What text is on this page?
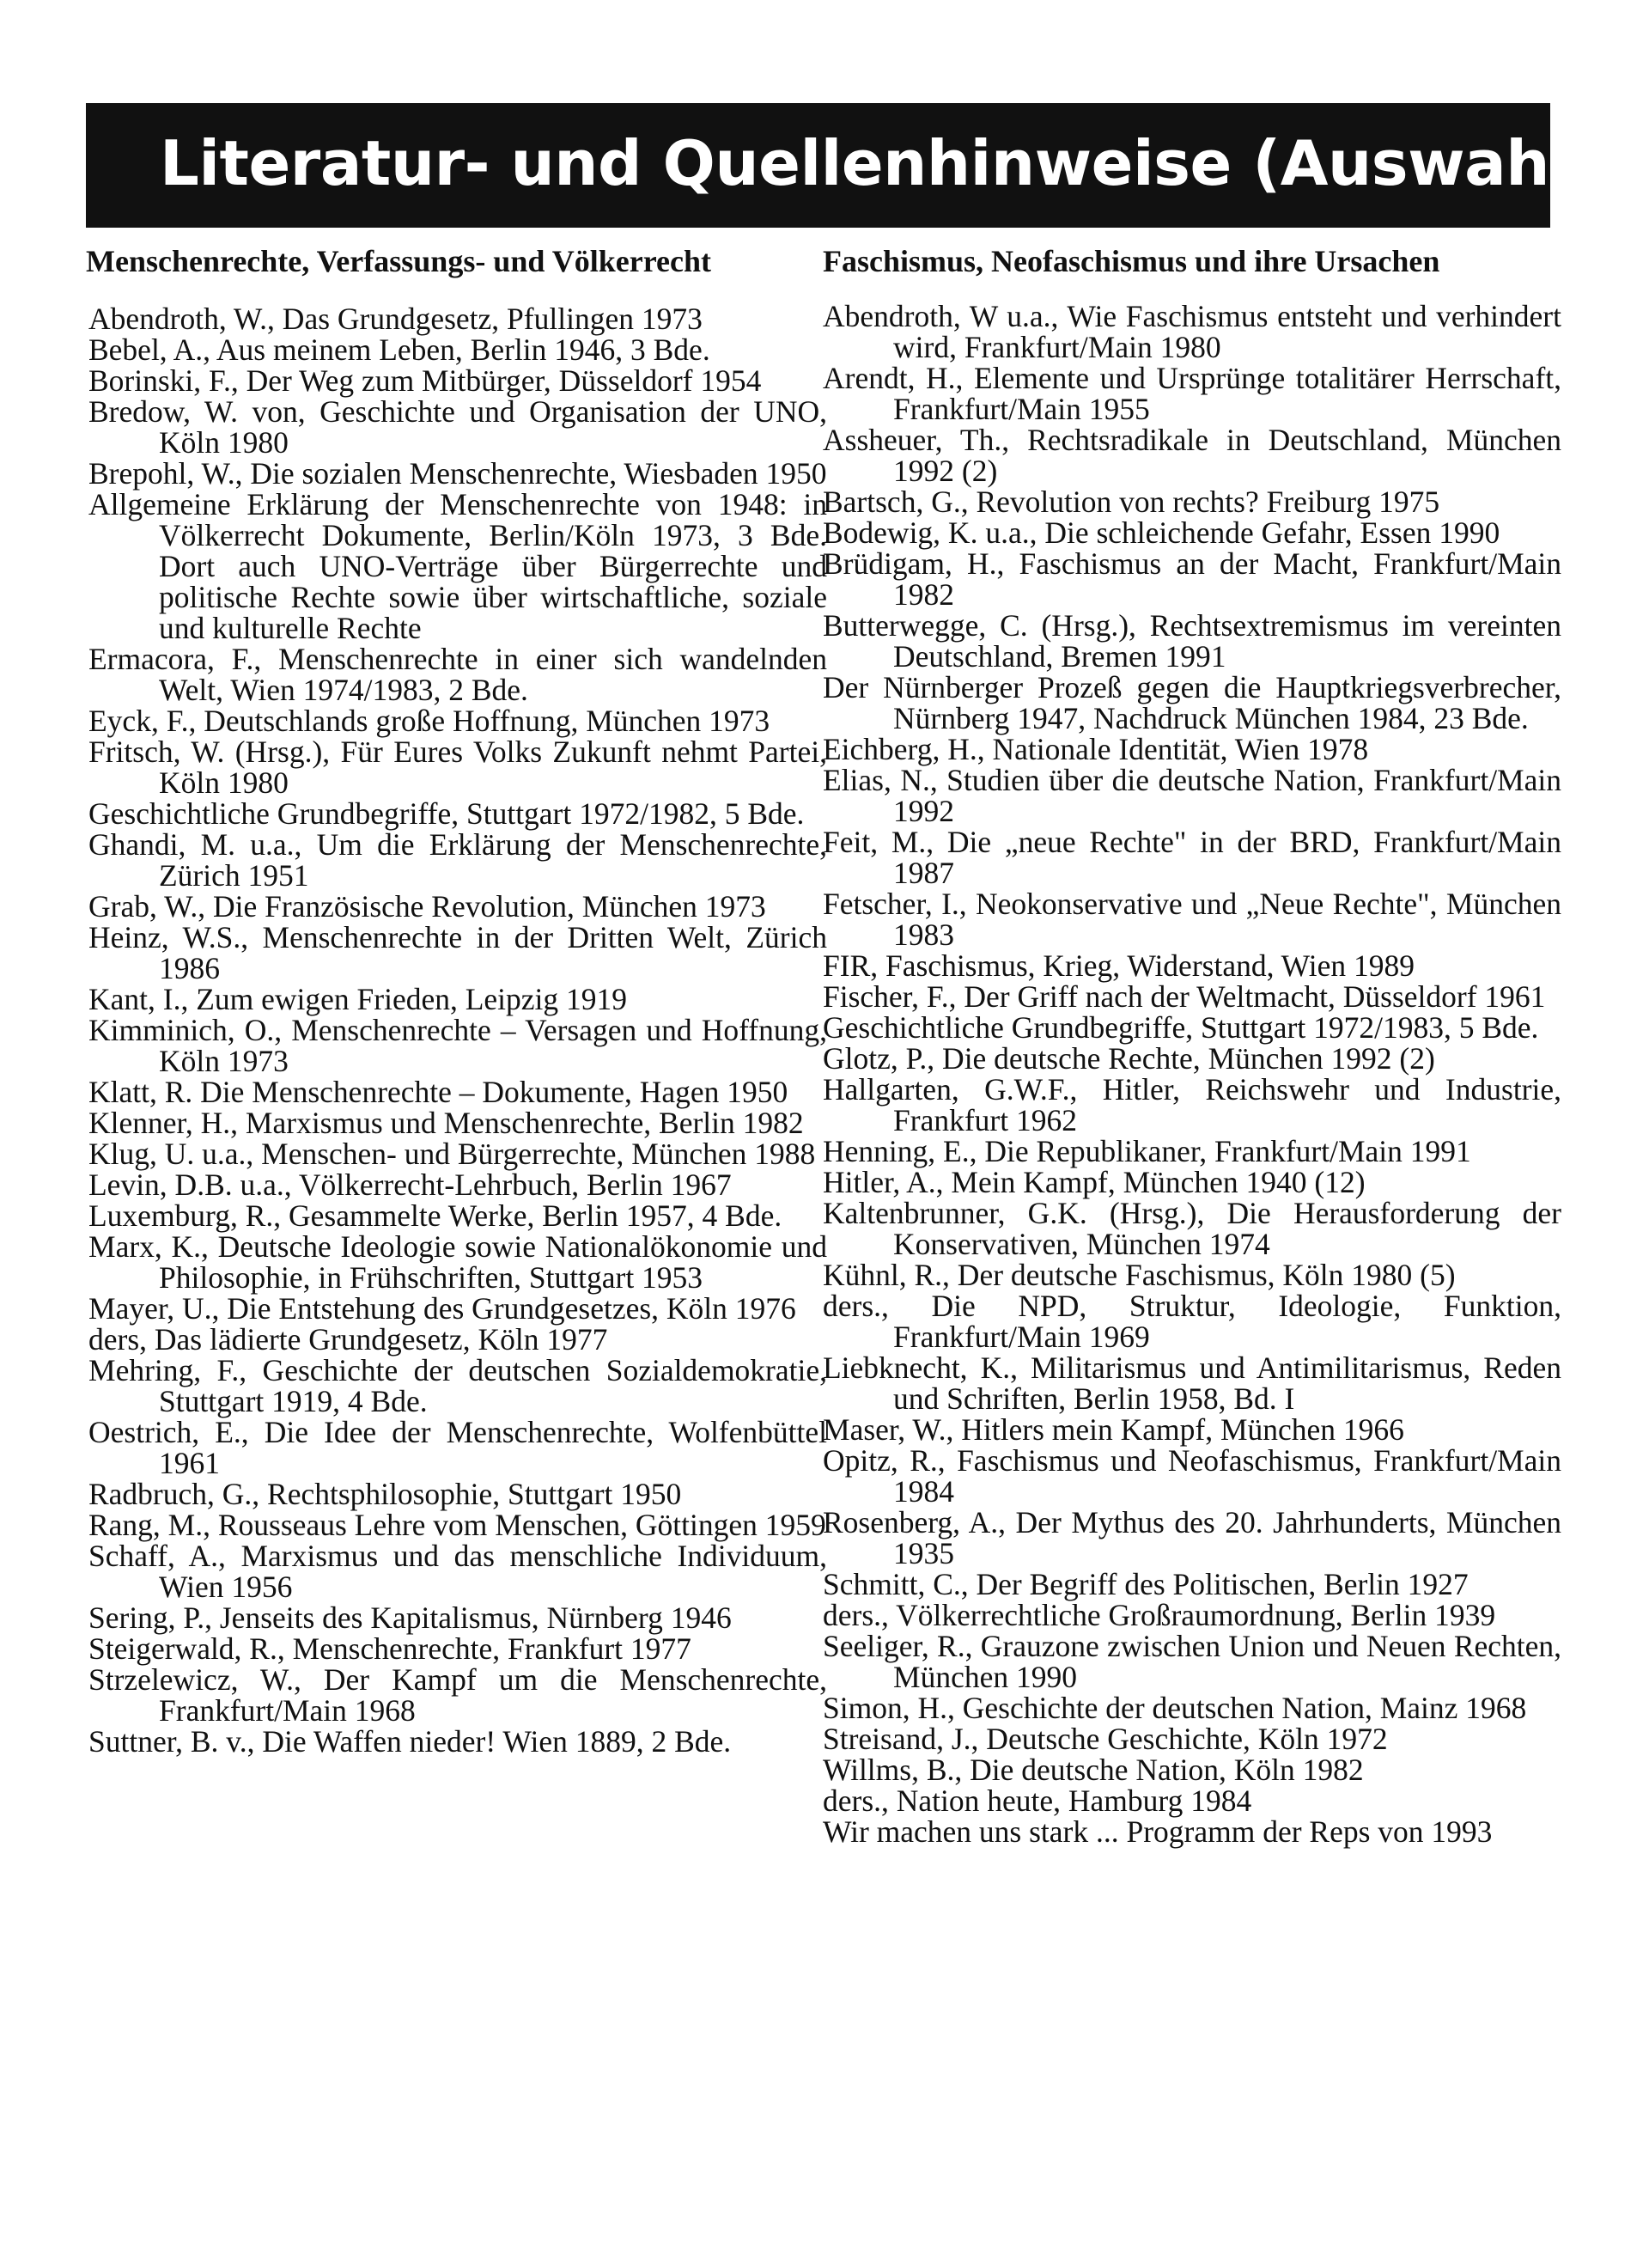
Literatur- und Quellenhinweise (Auswahl)
Menschenrechte, Verfassungs- und Völkerrecht
Abendroth, W., Das Grundgesetz, Pfullingen 1973
Bebel, A., Aus meinem Leben, Berlin 1946, 3 Bde.
Borinski, F., Der Weg zum Mitbürger, Düsseldorf 1954
Bredow, W. von, Geschichte und Organisation der UNO, Köln 1980
Brepohl, W., Die sozialen Menschenrechte, Wiesbaden 1950
Allgemeine Erklärung der Menschenrechte von 1948: in Völkerrecht Dokumente, Berlin/Köln 1973, 3 Bde. Dort auch UNO-Verträge über Bürgerrechte und politische Rechte sowie über wirtschaftliche, soziale und kulturelle Rechte
Ermacora, F., Menschenrechte in einer sich wandelnden Welt, Wien 1974/1983, 2 Bde.
Eyck, F., Deutschlands große Hoffnung, München 1973
Fritsch, W. (Hrsg.), Für Eures Volks Zukunft nehmt Partei, Köln 1980
Geschichtliche Grundbegriffe, Stuttgart 1972/1982, 5 Bde.
Ghandi, M. u.a., Um die Erklärung der Menschenrechte, Zürich 1951
Grab, W., Die Französische Revolution, München 1973
Heinz, W.S., Menschenrechte in der Dritten Welt, Zürich 1986
Kant, I., Zum ewigen Frieden, Leipzig 1919
Kimminich, O., Menschenrechte – Versagen und Hoffnung, Köln 1973
Klatt, R. Die Menschenrechte – Dokumente, Hagen 1950
Klenner, H., Marxismus und Menschenrechte, Berlin 1982
Klug, U. u.a., Menschen- und Bürgerrechte, München 1988
Levin, D.B. u.a., Völkerrecht-Lehrbuch, Berlin 1967
Luxemburg, R., Gesammelte Werke, Berlin 1957, 4 Bde.
Marx, K., Deutsche Ideologie sowie Nationalökonomie und Philosophie, in Frühschriften, Stuttgart 1953
Mayer, U., Die Entstehung des Grundgesetzes, Köln 1976
ders, Das lädierte Grundgesetz, Köln 1977
Mehring, F., Geschichte der deutschen Sozialdemokratie, Stuttgart 1919, 4 Bde.
Oestrich, E., Die Idee der Menschenrechte, Wolfenbüttel 1961
Radbruch, G., Rechtsphilosophie, Stuttgart 1950
Rang, M., Rousseaus Lehre vom Menschen, Göttingen 1959
Schaff, A., Marxismus und das menschliche Individuum, Wien 1956
Sering, P., Jenseits des Kapitalismus, Nürnberg 1946
Steigerwald, R., Menschenrechte, Frankfurt 1977
Strzelewicz, W., Der Kampf um die Menschenrechte, Frankfurt/Main 1968
Suttner, B. v., Die Waffen nieder! Wien 1889, 2 Bde.
Faschismus, Neofaschismus und ihre Ursachen
Abendroth, W u.a., Wie Faschismus entsteht und verhindert wird, Frankfurt/Main 1980
Arendt, H., Elemente und Ursprünge totalitärer Herrschaft, Frankfurt/Main 1955
Assheuer, Th., Rechtsradikale in Deutschland, München 1992 (2)
Bartsch, G., Revolution von rechts? Freiburg 1975
Bodewig, K. u.a., Die schleichende Gefahr, Essen 1990
Brüdigam, H., Faschismus an der Macht, Frankfurt/Main 1982
Butterwegge, C. (Hrsg.), Rechtsextremismus im vereinten Deutschland, Bremen 1991
Der Nürnberger Prozeß gegen die Hauptkriegsverbrecher, Nürnberg 1947, Nachdruck München 1984, 23 Bde.
Eichberg, H., Nationale Identität, Wien 1978
Elias, N., Studien über die deutsche Nation, Frankfurt/Main 1992
Feit, M., Die „neue Rechte" in der BRD, Frankfurt/Main 1987
Fetscher, I., Neokonservative und „Neue Rechte", München 1983
FIR, Faschismus, Krieg, Widerstand, Wien 1989
Fischer, F., Der Griff nach der Weltmacht, Düsseldorf 1961
Geschichtliche Grundbegriffe, Stuttgart 1972/1983, 5 Bde.
Glotz, P., Die deutsche Rechte, München 1992 (2)
Hallgarten, G.W.F., Hitler, Reichswehr und Industrie, Frankfurt 1962
Henning, E., Die Republikaner, Frankfurt/Main 1991
Hitler, A., Mein Kampf, München 1940 (12)
Kaltenbrunner, G.K. (Hrsg.), Die Herausforderung der Konservativen, München 1974
Kühnl, R., Der deutsche Faschismus, Köln 1980 (5)
ders., Die NPD, Struktur, Ideologie, Funktion, Frankfurt/Main 1969
Liebknecht, K., Militarismus und Antimilitarismus, Reden und Schriften, Berlin 1958, Bd. I
Maser, W., Hitlers mein Kampf, München 1966
Opitz, R., Faschismus und Neofaschismus, Frankfurt/Main 1984
Rosenberg, A., Der Mythus des 20. Jahrhunderts, München 1935
Schmitt, C., Der Begriff des Politischen, Berlin 1927
ders., Völkerrechtliche Großraumordnung, Berlin 1939
Seeliger, R., Grauzone zwischen Union und Neuen Rechten, München 1990
Simon, H., Geschichte der deutschen Nation, Mainz 1968
Streisand, J., Deutsche Geschichte, Köln 1972
Willms, B., Die deutsche Nation, Köln 1982
ders., Nation heute, Hamburg 1984
Wir machen uns stark ... Programm der Reps von 1993
